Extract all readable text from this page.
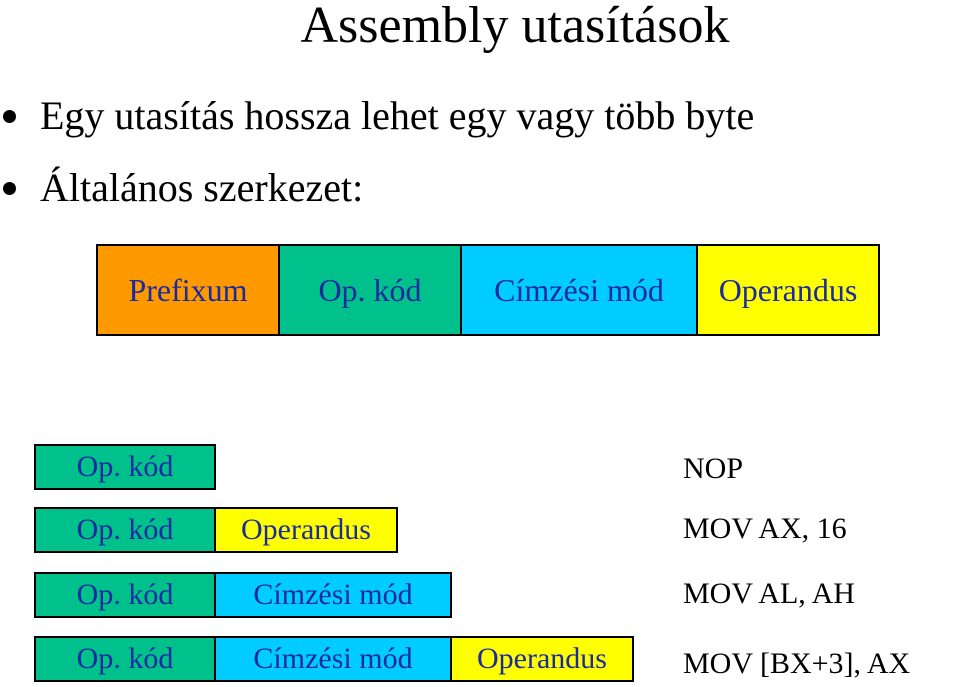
Assembly utasítások
Egy utasítás hossza lehet egy vagy több byte
Általános szerkezet:
Prefixum	Op. kód	Címzési mód	Operandus
Op. kód	NOP
Op. kód	Operandus	MOV AX, 16
Op. kód	Címzési mód	MOV AL, AH
Op. kód	Címzési mód	Operandus	MOV [BX+3], AX
